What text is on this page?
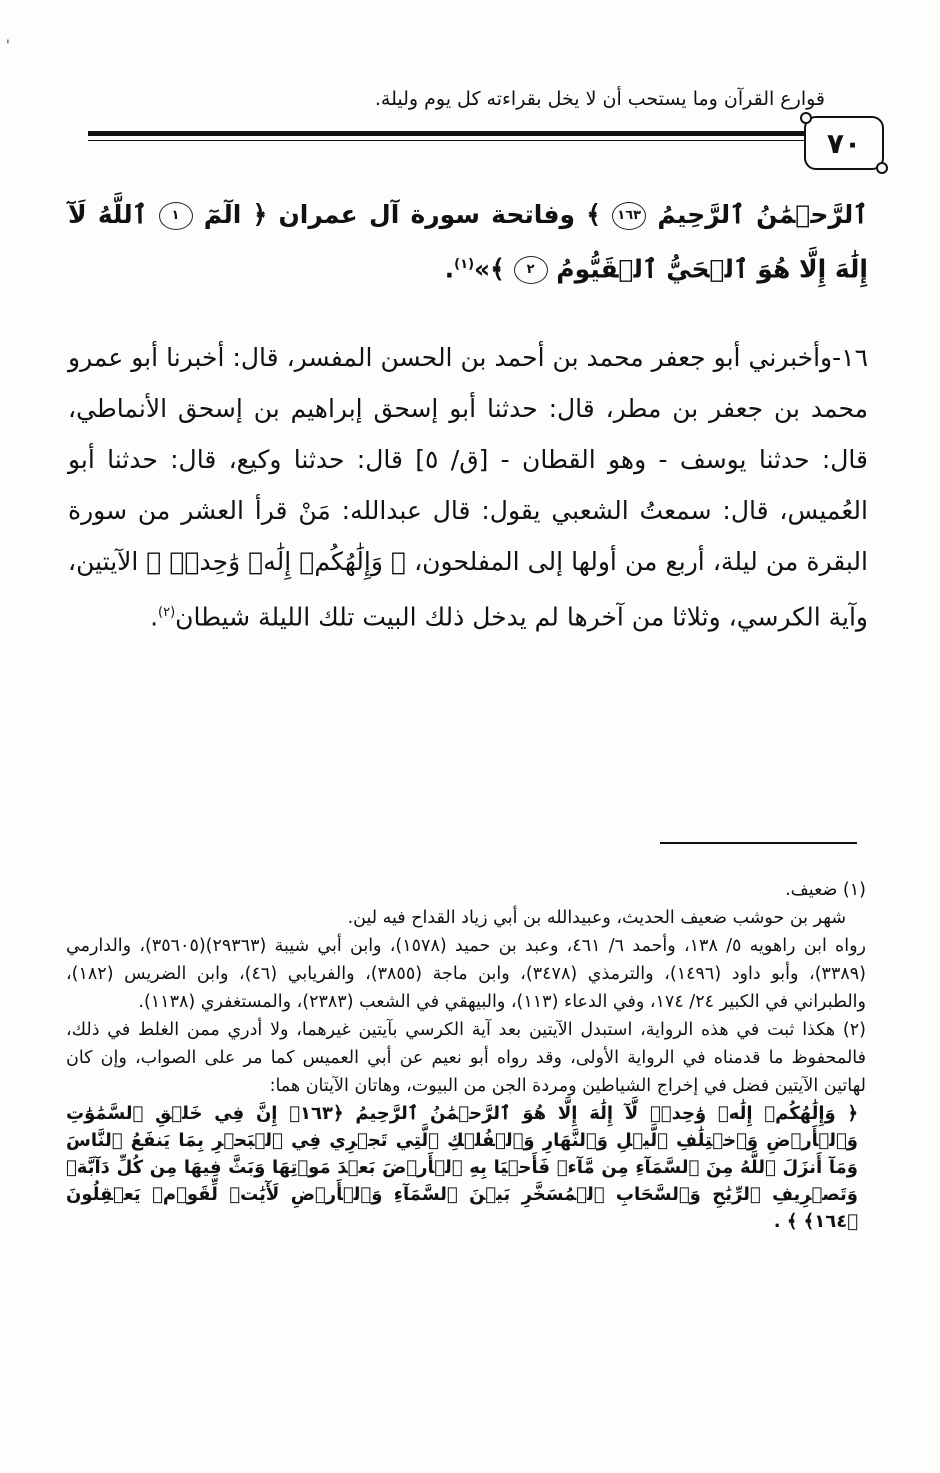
'
قوارع القرآن وما يستحب أن لا يخل بقراءته كل يوم وليلة.
٧٠

ٱلرَّحۡمَٰنُ ٱلرَّحِيمُ ١٦٣ ﴾ وفاتحة سورة آل عمران ﴿ الٓمٓ ١ ٱللَّهُ لَآ إِلَٰهَ إِلَّا هُوَ ٱلۡحَيُّ ٱلۡقَيُّومُ ٢ ﴾»$^{(١)}$.

١٦-وأخبرني أبو جعفر محمد بن أحمد بن الحسن المفسر، قال: أخبرنا أبو عمرو محمد بن جعفر بن مطر، قال: حدثنا أبو إسحق إبراهيم بن إسحق الأنماطي، قال: حدثنا يوسف - وهو القطان - [ق/ ٥] قال: حدثنا وكيع، قال: حدثنا أبو العُميس، قال: سمعتُ الشعبي يقول: قال عبدالله: مَنْ قرأ العشر من سورة البقرة من ليلة، أربع من أولها إلى المفلحون، ﴿ وَإِلَٰهُكُمۡ إِلَٰهٞ وَٰحِدٞۖ ﴾ الآيتين، وآية الكرسي، وثلاثا من آخرها لم يدخل ذلك البيت تلك الليلة شيطان$^{(٢)}$.

(١) ضعيف.

شهر بن حوشب ضعيف الحديث، وعبيدالله بن أبي زياد القداح فيه لين.

رواه ابن راهويه ٥/ ١٣٨، وأحمد ٦/ ٤٦١، وعبد بن حميد (١٥٧٨)، وابن أبي شيبة (٢٩٣٦٣)(٣٥٦٠٥)، والدارمي (٣٣٨٩)، وأبو داود (١٤٩٦)، والترمذي (٣٤٧٨)، وابن ماجة (٣٨٥٥)، والفريابي (٤٦)، وابن الضريس (١٨٢)، والطبراني في الكبير ٢٤/ ١٧٤، وفي الدعاء (١١٣)، والبيهقي في الشعب (٢٣٨٣)، والمستغفري (١١٣٨).

(٢) هكذا ثبت في هذه الرواية، استبدل الآيتين بعد آية الكرسي بآيتين غيرهما، ولا أدري ممن الغلط في ذلك، فالمحفوظ ما قدمناه في الرواية الأولى، وقد رواه أبو نعيم عن أبي العميس كما مر على الصواب، وإن كان لهاتين الآيتين فضل في إخراج الشياطين ومردة الجن من البيوت، وهاتان الآيتان هما:

﴿ وَإِلَٰهُكُمۡ إِلَٰهٞ وَٰحِدٞۖ لَّآ إِلَٰهَ إِلَّا هُوَ ٱلرَّحۡمَٰنُ ٱلرَّحِيمُ ﴿١٦٣﴾ إِنَّ فِي خَلۡقِ ٱلسَّمَٰوَٰتِ وَٱلۡأَرۡضِ وَٱخۡتِلَٰفِ ٱلَّيۡلِ وَٱلنَّهَارِ وَٱلۡفُلۡكِ ٱلَّتِي تَجۡرِي فِي ٱلۡبَحۡرِ بِمَا يَنفَعُ ٱلنَّاسَ وَمَآ أَنزَلَ ٱللَّهُ مِنَ ٱلسَّمَآءِ مِن مَّآءٖ فَأَحۡيَا بِهِ ٱلۡأَرۡضَ بَعۡدَ مَوۡتِهَا وَبَثَّ فِيهَا مِن كُلِّ دَآبَّةٖ وَتَصۡرِيفِ ٱلرِّيَٰحِ وَٱلسَّحَابِ ٱلۡمُسَخَّرِ بَيۡنَ ٱلسَّمَآءِ وَٱلۡأَرۡضِ لَأٓيَٰتٖ لِّقَوۡمٖ يَعۡقِلُونَ ﴿١٦٤﴾ ﴾ .
